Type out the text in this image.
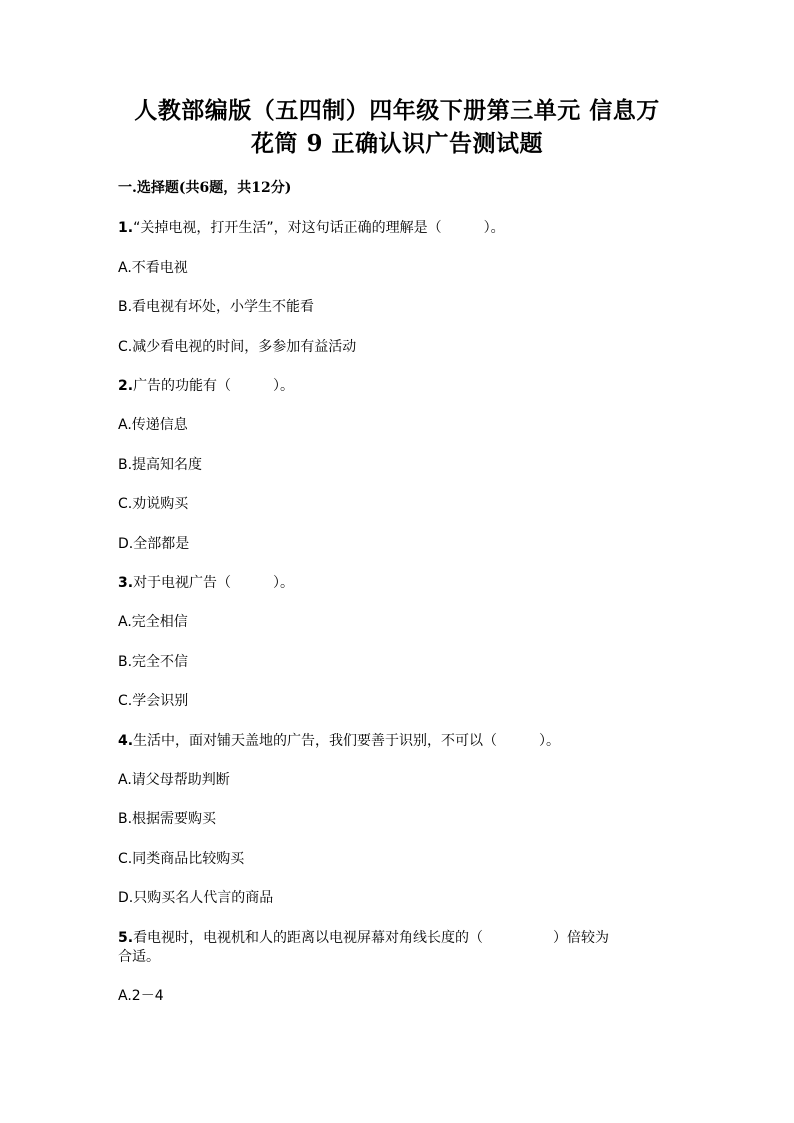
人教部编版（五四制）四年级下册第三单元 信息万
花筒 9 正确认识广告测试题
一.选择题(共6题，共12分)
1.“关掉电视，打开生活”，对这句话正确的理解是（　　　）。
A.不看电视
B.看电视有坏处，小学生不能看
C.减少看电视的时间，多参加有益活动
2.广告的功能有（　　　）。
A.传递信息
B.提高知名度
C.劝说购买
D.全部都是
3.对于电视广告（　　　）。
A.完全相信
B.完全不信
C.学会识别
4.生活中，面对铺天盖地的广告，我们要善于识别，不可以（　　　）。
A.请父母帮助判断
B.根据需要购买
C.同类商品比较购买
D.只购买名人代言的商品
5.看电视时，电视机和人的距离以电视屏幕对角线长度的（　　　　　）倍较为
合适。
A.2－4
